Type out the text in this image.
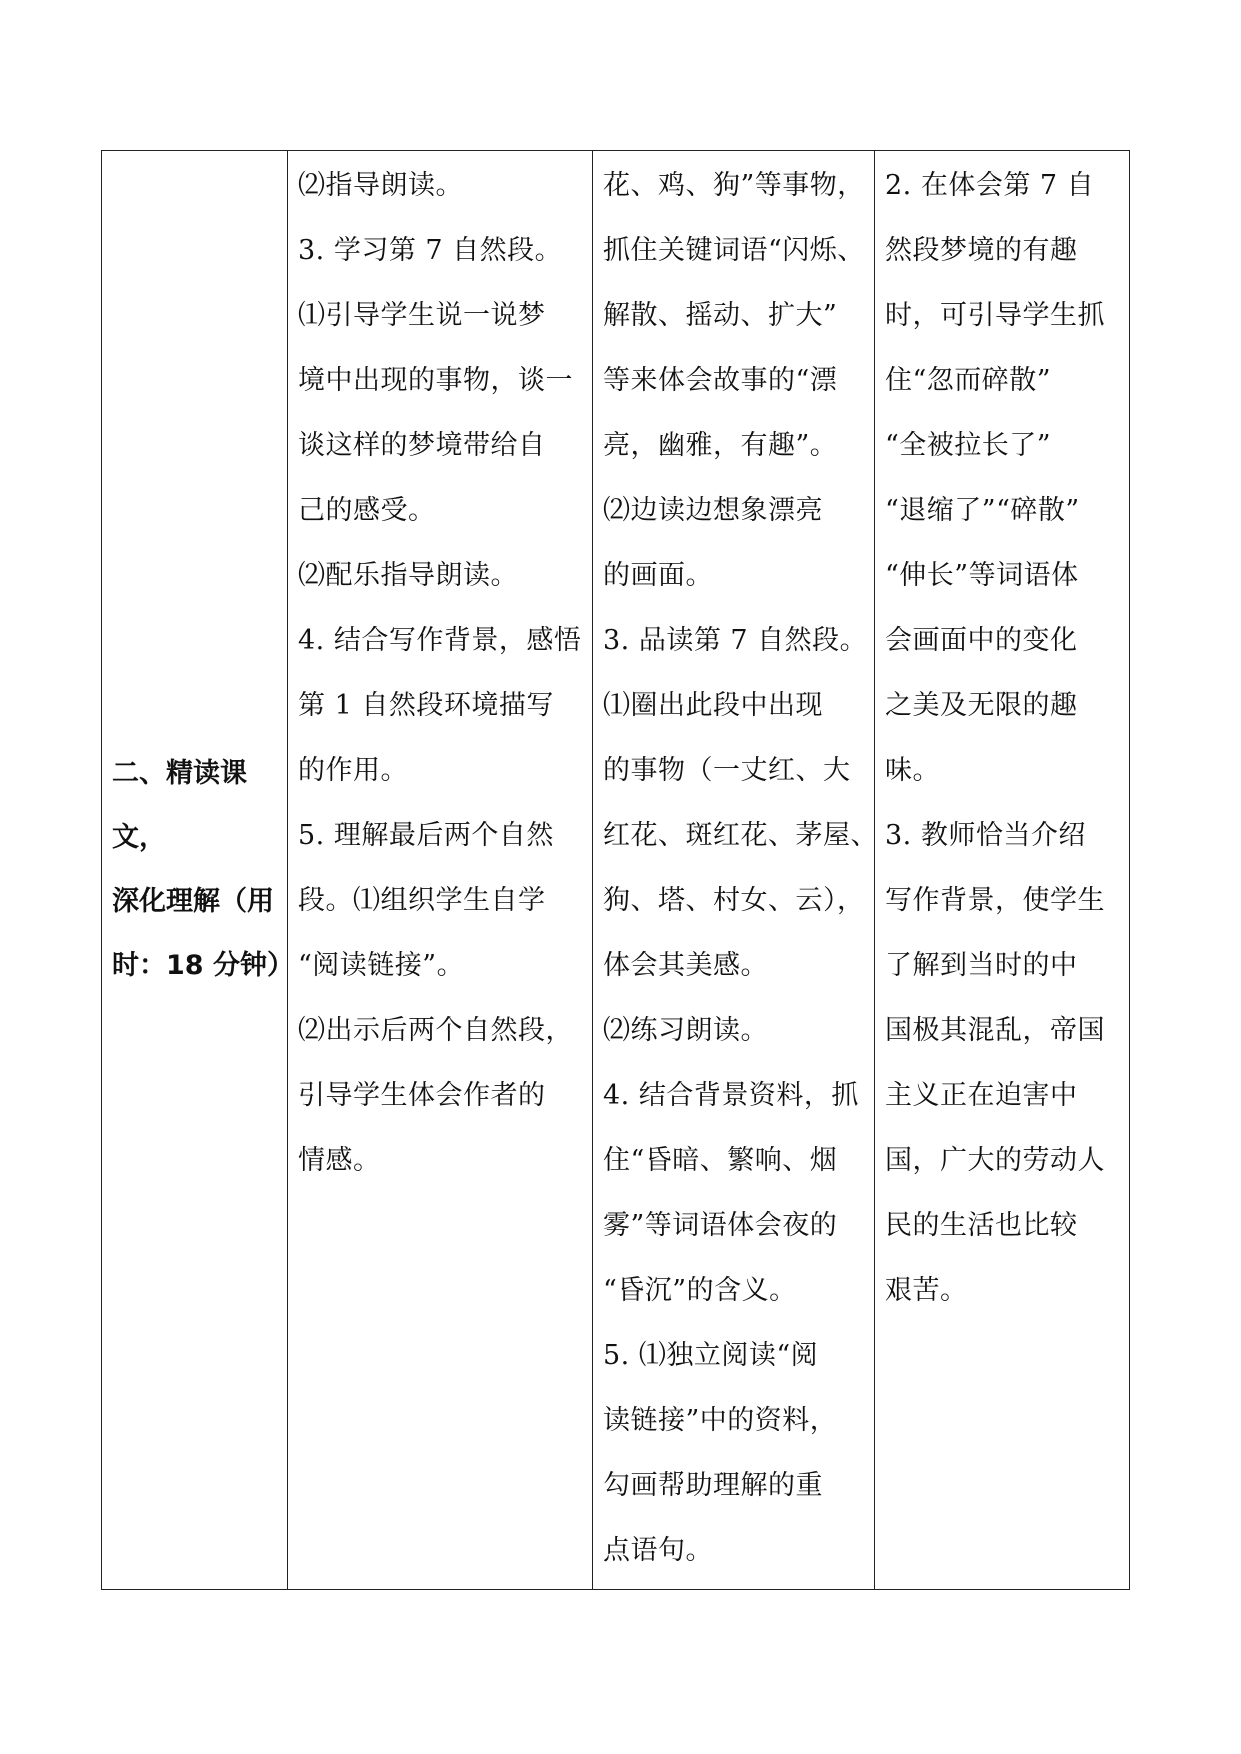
二、精读课文，
深化理解（用
时：18 分钟）

⑵指导朗读。
3. 学习第 7 自然段。
⑴引导学生说一说梦
境中出现的事物，谈一
谈这样的梦境带给自
己的感受。
⑵配乐指导朗读。
4. 结合写作背景，感悟
第 1 自然段环境描写
的作用。
5. 理解最后两个自然
段。⑴组织学生自学
“阅读链接”。
⑵出示后两个自然段，
引导学生体会作者的
情感。

花、鸡、狗”等事物，
抓住关键词语“闪烁、
解散、摇动、扩大”
等来体会故事的“漂
亮，幽雅，有趣”。
⑵边读边想象漂亮
的画面。
3. 品读第 7 自然段。
⑴圈出此段中出现
的事物（一丈红、大
红花、斑红花、茅屋、
狗、塔、村女、云），
体会其美感。
⑵练习朗读。
4. 结合背景资料，抓
住“昏暗、繁响、烟
雾”等词语体会夜的
“昏沉”的含义。
5. ⑴独立阅读“阅
读链接”中的资料，
勾画帮助理解的重
点语句。

2. 在体会第 7 自
然段梦境的有趣
时，可引导学生抓
住“忽而碎散”
“全被拉长了”
“退缩了”“碎散”
“伸长”等词语体
会画面中的变化
之美及无限的趣
味。
3. 教师恰当介绍
写作背景，使学生
了解到当时的中
国极其混乱，帝国
主义正在迫害中
国，广大的劳动人
民的生活也比较
艰苦。
